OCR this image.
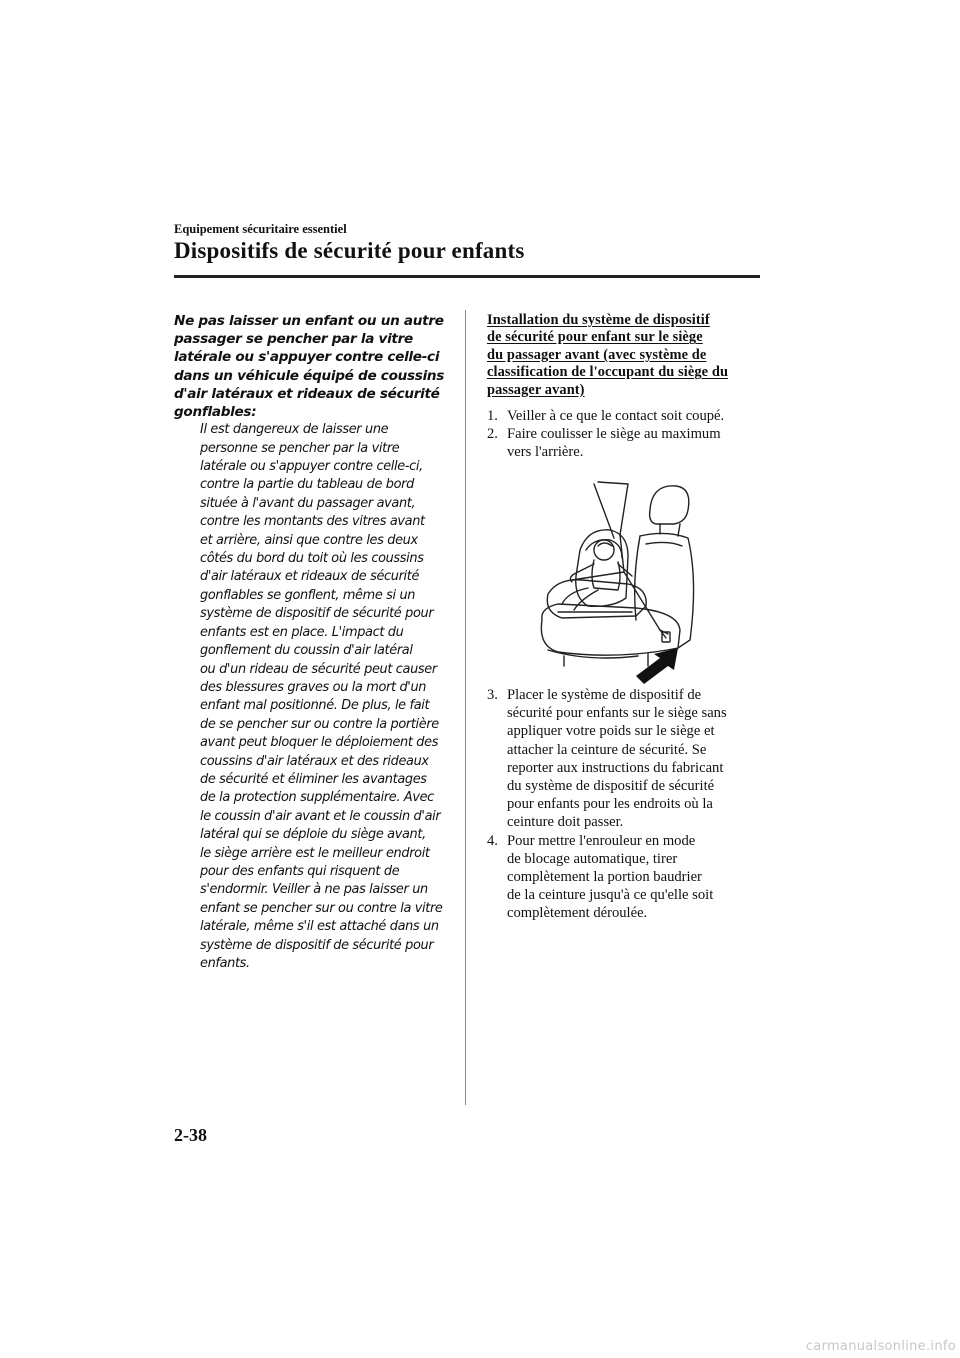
Equipement sécuritaire essentiel
Dispositifs de sécurité pour enfants
Ne pas laisser un enfant ou un autre
passager se pencher par la vitre
latérale ou s'appuyer contre celle-ci
dans un véhicule équipé de coussins
d'air latéraux et rideaux de sécurité
gonflables:
Il est dangereux de laisser une
personne se pencher par la vitre
latérale ou s'appuyer contre celle-ci,
contre la partie du tableau de bord
située à l'avant du passager avant,
contre les montants des vitres avant
et arrière, ainsi que contre les deux
côtés du bord du toit où les coussins
d'air latéraux et rideaux de sécurité
gonflables se gonflent, même si un
système de dispositif de sécurité pour
enfants est en place. L'impact du
gonflement du coussin d'air latéral
ou d'un rideau de sécurité peut causer
des blessures graves ou la mort d'un
enfant mal positionné. De plus, le fait
de se pencher sur ou contre la portière
avant peut bloquer le déploiement des
coussins d'air latéraux et des rideaux
de sécurité et éliminer les avantages
de la protection supplémentaire. Avec
le coussin d'air avant et le coussin d'air
latéral qui se déploie du siège avant,
le siège arrière est le meilleur endroit
pour des enfants qui risquent de
s'endormir. Veiller à ne pas laisser un
enfant se pencher sur ou contre la vitre
latérale, même s'il est attaché dans un
système de dispositif de sécurité pour
enfants.
Installation du système de dispositif
de sécurité pour enfant sur le siège
du passager avant (avec système de
classification de l'occupant du siège du
passager avant)
1. Veiller à ce que le contact soit coupé.
2. Faire coulisser le siège au maximum
vers l'arrière.
3. Placer le système de dispositif de
sécurité pour enfants sur le siège sans
appliquer votre poids sur le siège et
attacher la ceinture de sécurité. Se
reporter aux instructions du fabricant
du système de dispositif de sécurité
pour enfants pour les endroits où la
ceinture doit passer.
4. Pour mettre l'enrouleur en mode
de blocage automatique, tirer
complètement la portion baudrier
de la ceinture jusqu'à ce qu'elle soit
complètement déroulée.
2-38
carmanualsonline.info
